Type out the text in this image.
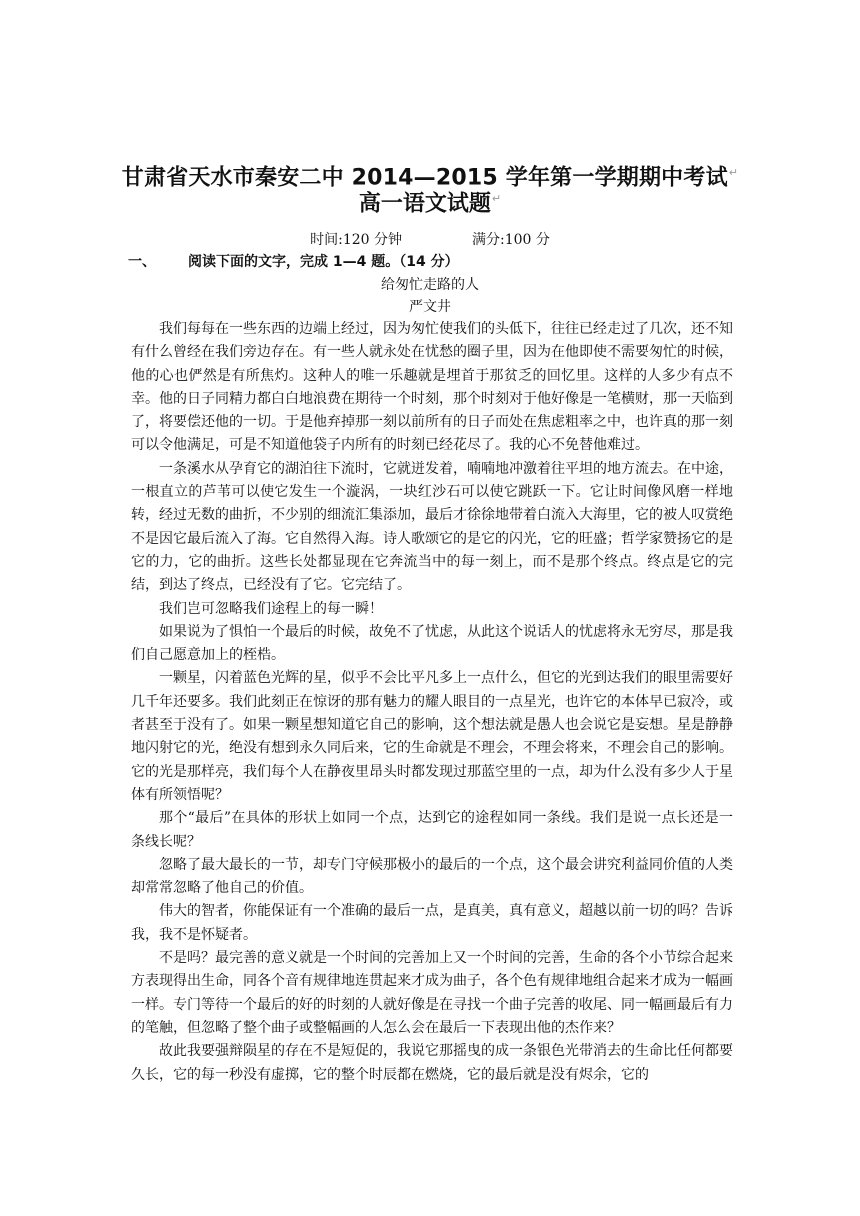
甘肃省天水市秦安二中 2014—2015 学年第一学期期中考试↵
高一语文试题↵
时间:120 分钟	满分:100 分
一、 阅读下面的文字，完成 1—4 题。（14 分）
给匆忙走路的人
严文井

我们每每在一些东西的边端上经过，因为匆忙使我们的头低下，往往已经走过了几次，还不知有什么曾经在我们旁边存在。有一些人就永处在忧愁的圈子里，因为在他即使不需要匆忙的时候，他的心也俨然是有所焦灼。这种人的唯一乐趣就是埋首于那贫乏的回忆里。这样的人多少有点不幸。他的日子同精力都白白地浪费在期待一个时刻，那个时刻对于他好像是一笔横财，那一天临到了，将要偿还他的一切。于是他弃掉那一刻以前所有的日子而处在焦虑粗率之中，也许真的那一刻可以令他满足，可是不知道他袋子内所有的时刻已经花尽了。我的心不免替他难过。

一条溪水从孕育它的湖泊往下流时，它就迸发着，喃喃地冲激着往平坦的地方流去。在中途，一根直立的芦苇可以使它发生一个漩涡，一块红沙石可以使它跳跃一下。它让时间像风磨一样地转，经过无数的曲折，不少别的细流汇集添加，最后才徐徐地带着白流入大海里，它的被人叹赏绝不是因它最后流入了海。它自然得入海。诗人歌颂它的是它的闪光，它的旺盛；哲学家赞扬它的是它的力，它的曲折。这些长处都显现在它奔流当中的每一刻上，而不是那个终点。终点是它的完结，到达了终点，已经没有了它。它完结了。

我们岂可忽略我们途程上的每一瞬！

如果说为了惧怕一个最后的时候，故免不了忧虑，从此这个说话人的忧虑将永无穷尽，那是我们自己愿意加上的桎梏。

一颗星，闪着蓝色光辉的星，似乎不会比平凡多上一点什么，但它的光到达我们的眼里需要好几千年还要多。我们此刻正在惊讶的那有魅力的耀人眼目的一点星光，也许它的本体早已寂冷，或者甚至于没有了。如果一颗星想知道它自己的影响，这个想法就是愚人也会说它是妄想。星是静静地闪射它的光，绝没有想到永久同后来，它的生命就是不理会，不理会将来，不理会自己的影响。它的光是那样亮，我们每个人在静夜里昂头时都发现过那蓝空里的一点，却为什么没有多少人于星体有所领悟呢？

那个“最后”在具体的形状上如同一个点，达到它的途程如同一条线。我们是说一点长还是一条线长呢？

忽略了最大最长的一节，却专门守候那极小的最后的一个点，这个最会讲究利益同价值的人类却常常忽略了他自己的价值。

伟大的智者，你能保证有一个准确的最后一点，是真美，真有意义，超越以前一切的吗？告诉我，我不是怀疑者。

不是吗？最完善的意义就是一个时间的完善加上又一个时间的完善，生命的各个小节综合起来方表现得出生命，同各个音有规律地连贯起来才成为曲子，各个色有规律地组合起来才成为一幅画一样。专门等待一个最后的好的时刻的人就好像是在寻找一个曲子完善的收尾、同一幅画最后有力的笔触，但忽略了整个曲子或整幅画的人怎么会在最后一下表现出他的杰作来？

故此我要强辩陨星的存在不是短促的，我说它那摇曳的成一条银色光带消去的生命比任何都要久长，它的每一秒没有虚掷，它的整个时辰都在燃烧，它的最后就是没有烬余，它的
